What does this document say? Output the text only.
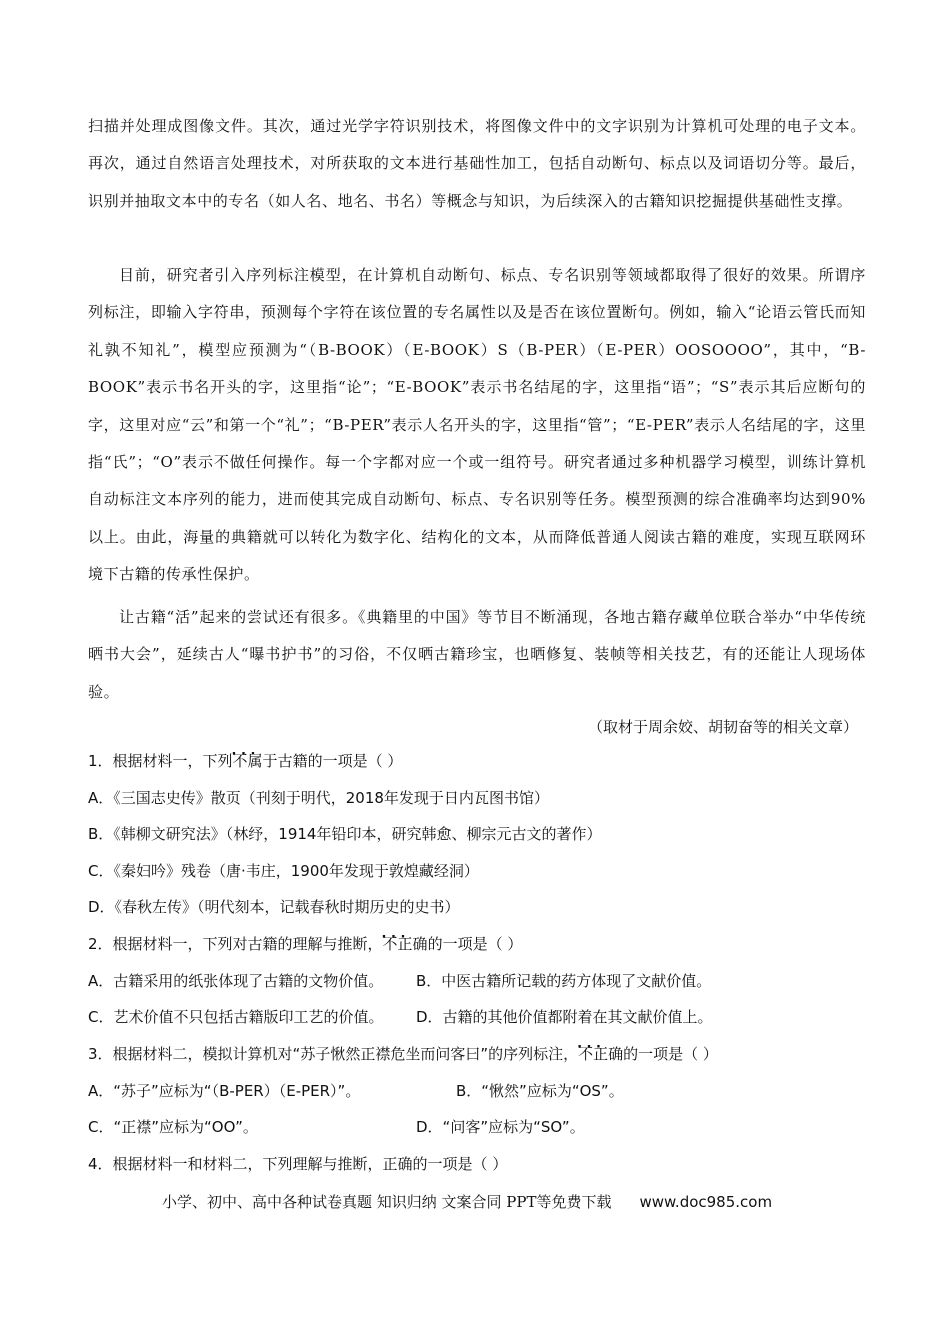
扫描并处理成图像文件。其次，通过光学字符识别技术，将图像文件中的文字识别为计算机可处理的电子文本。再次，通过自然语言处理技术，对所获取的文本进行基础性加工，包括自动断句、标点以及词语切分等。最后，识别并抽取文本中的专名（如人名、地名、书名）等概念与知识，为后续深入的古籍知识挖掘提供基础性支撑。

目前，研究者引入序列标注模型，在计算机自动断句、标点、专名识别等领域都取得了很好的效果。所谓序列标注，即输入字符串，预测每个字符在该位置的专名属性以及是否在该位置断句。例如，输入“论语云管氏而知礼孰不知礼”，模型应预测为“（B-BOOK）（E-BOOK）S（B-PER）（E-PER）OOSOOOO”，其中，“B-BOOK”表示书名开头的字，这里指“论”；“E-BOOK”表示书名结尾的字，这里指“语”；“S”表示其后应断句的字，这里对应“云”和第一个“礼”；“B-PER”表示人名开头的字，这里指“管”；“E-PER”表示人名结尾的字，这里指“氏”；“O”表示不做任何操作。每一个字都对应一个或一组符号。研究者通过多种机器学习模型，训练计算机自动标注文本序列的能力，进而使其完成自动断句、标点、专名识别等任务。模型预测的综合准确率均达到90%以上。由此，海量的典籍就可以转化为数字化、结构化的文本，从而降低普通人阅读古籍的难度，实现互联网环境下古籍的传承性保护。

让古籍“活”起来的尝试还有很多。《典籍里的中国》等节目不断涌现，各地古籍存藏单位联合举办“中华传统晒书大会”，延续古人“曝书护书”的习俗，不仅晒古籍珍宝，也晒修复、装帧等相关技艺，有的还能让人现场体验。

（取材于周余姣、胡韧奋等的相关文章）
1．根据材料一，下列· · · 不属于古籍的一项是（ ）
A．《三国志史传》散页（刊刻于明代，2018年发现于日内瓦图书馆）
B．《韩柳文研究法》（林纾，1914年铅印本，研究韩愈、柳宗元古文的著作）
C．《秦妇吟》残卷（唐·韦庄，1900年发现于敦煌藏经洞）
D．《春秋左传》（明代刻本，记载春秋时期历史的史书）
2．根据材料一，下列对古籍的理解与推断，· · · 不正确的一项是（ ）
A．古籍采用的纸张体现了古籍的文物价值。 B．中医古籍所记载的药方体现了文献价值。
C．艺术价值不只包括古籍版印工艺的价值。 D．古籍的其他价值都附着在其文献价值上。
3．根据材料二，模拟计算机对“苏子愀然正襟危坐而问客曰”的序列标注，· · · 不正确的一项是（ ）
A．“苏子”应标为“（B-PER）（E-PER）”。	B．“愀然”应标为“OS”。
C．“正襟”应标为“OO”。	D．“问客”应标为“SO”。
4．根据材料一和材料二，下列理解与推断，正确的一项是（ ）
小学、初中、高中各种试卷真题 知识归纳 文案合同 PPT等免费下载 www.doc985.com
